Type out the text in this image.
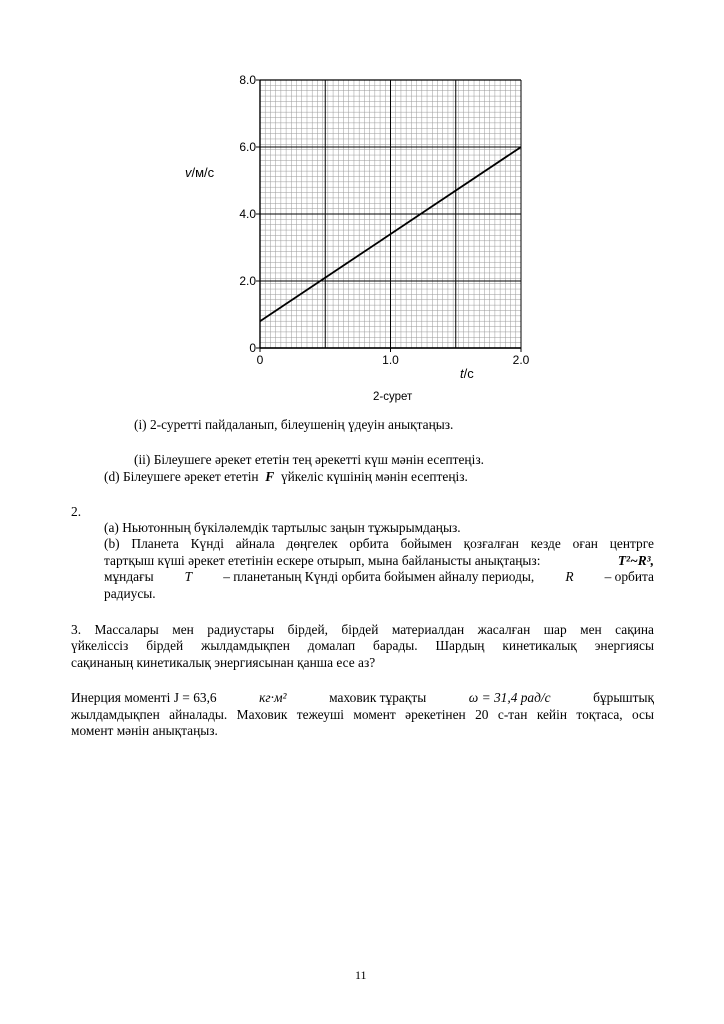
0
2.0
4.0
6.0
8.0
0	1.0	2.0
v/м/с
t/с
2-сурет
(i) 2-суретті пайдаланып, білеушенің үдеуін анықтаңыз.
(ii) Білеушеге әрекет ететін тең әрекетті күш мәнін есептеңіз.
(d) Білеушеге әрекет ететін F үйкеліс күшінің мәнін есептеңіз.
2.
(a) Ньютонның бүкіләлемдік тартылыс заңын тұжырымдаңыз.
(b) Планета Күнді айнала дөңгелек орбита бойымен қозғалған кезде оған центрге
тартқыш күші әрекет ететінін ескере отырып, мына байланысты анықтаңыз:	T²~R³,
мұндағы T – планетаның Күнді орбита бойымен айналу периоды, R – орбита
радиусы.
3. Массалары мен радиустары бірдей, бірдей материалдан жасалған шар мен сақина
үйкеліссіз бірдей жылдамдықпен домалап барады. Шардың кинетикалық энергиясы
сақинаның кинетикалық энергиясынан қанша есе аз?
Инерция моменті J = 63,6	кг·м²	маховик тұрақты	ω = 31,4 рад/с	бұрыштық
жылдамдықпен айналады. Маховик тежеуші момент әрекетінен 20 с-тан кейін тоқтаса, осы
момент мәнін анықтаңыз.
11
